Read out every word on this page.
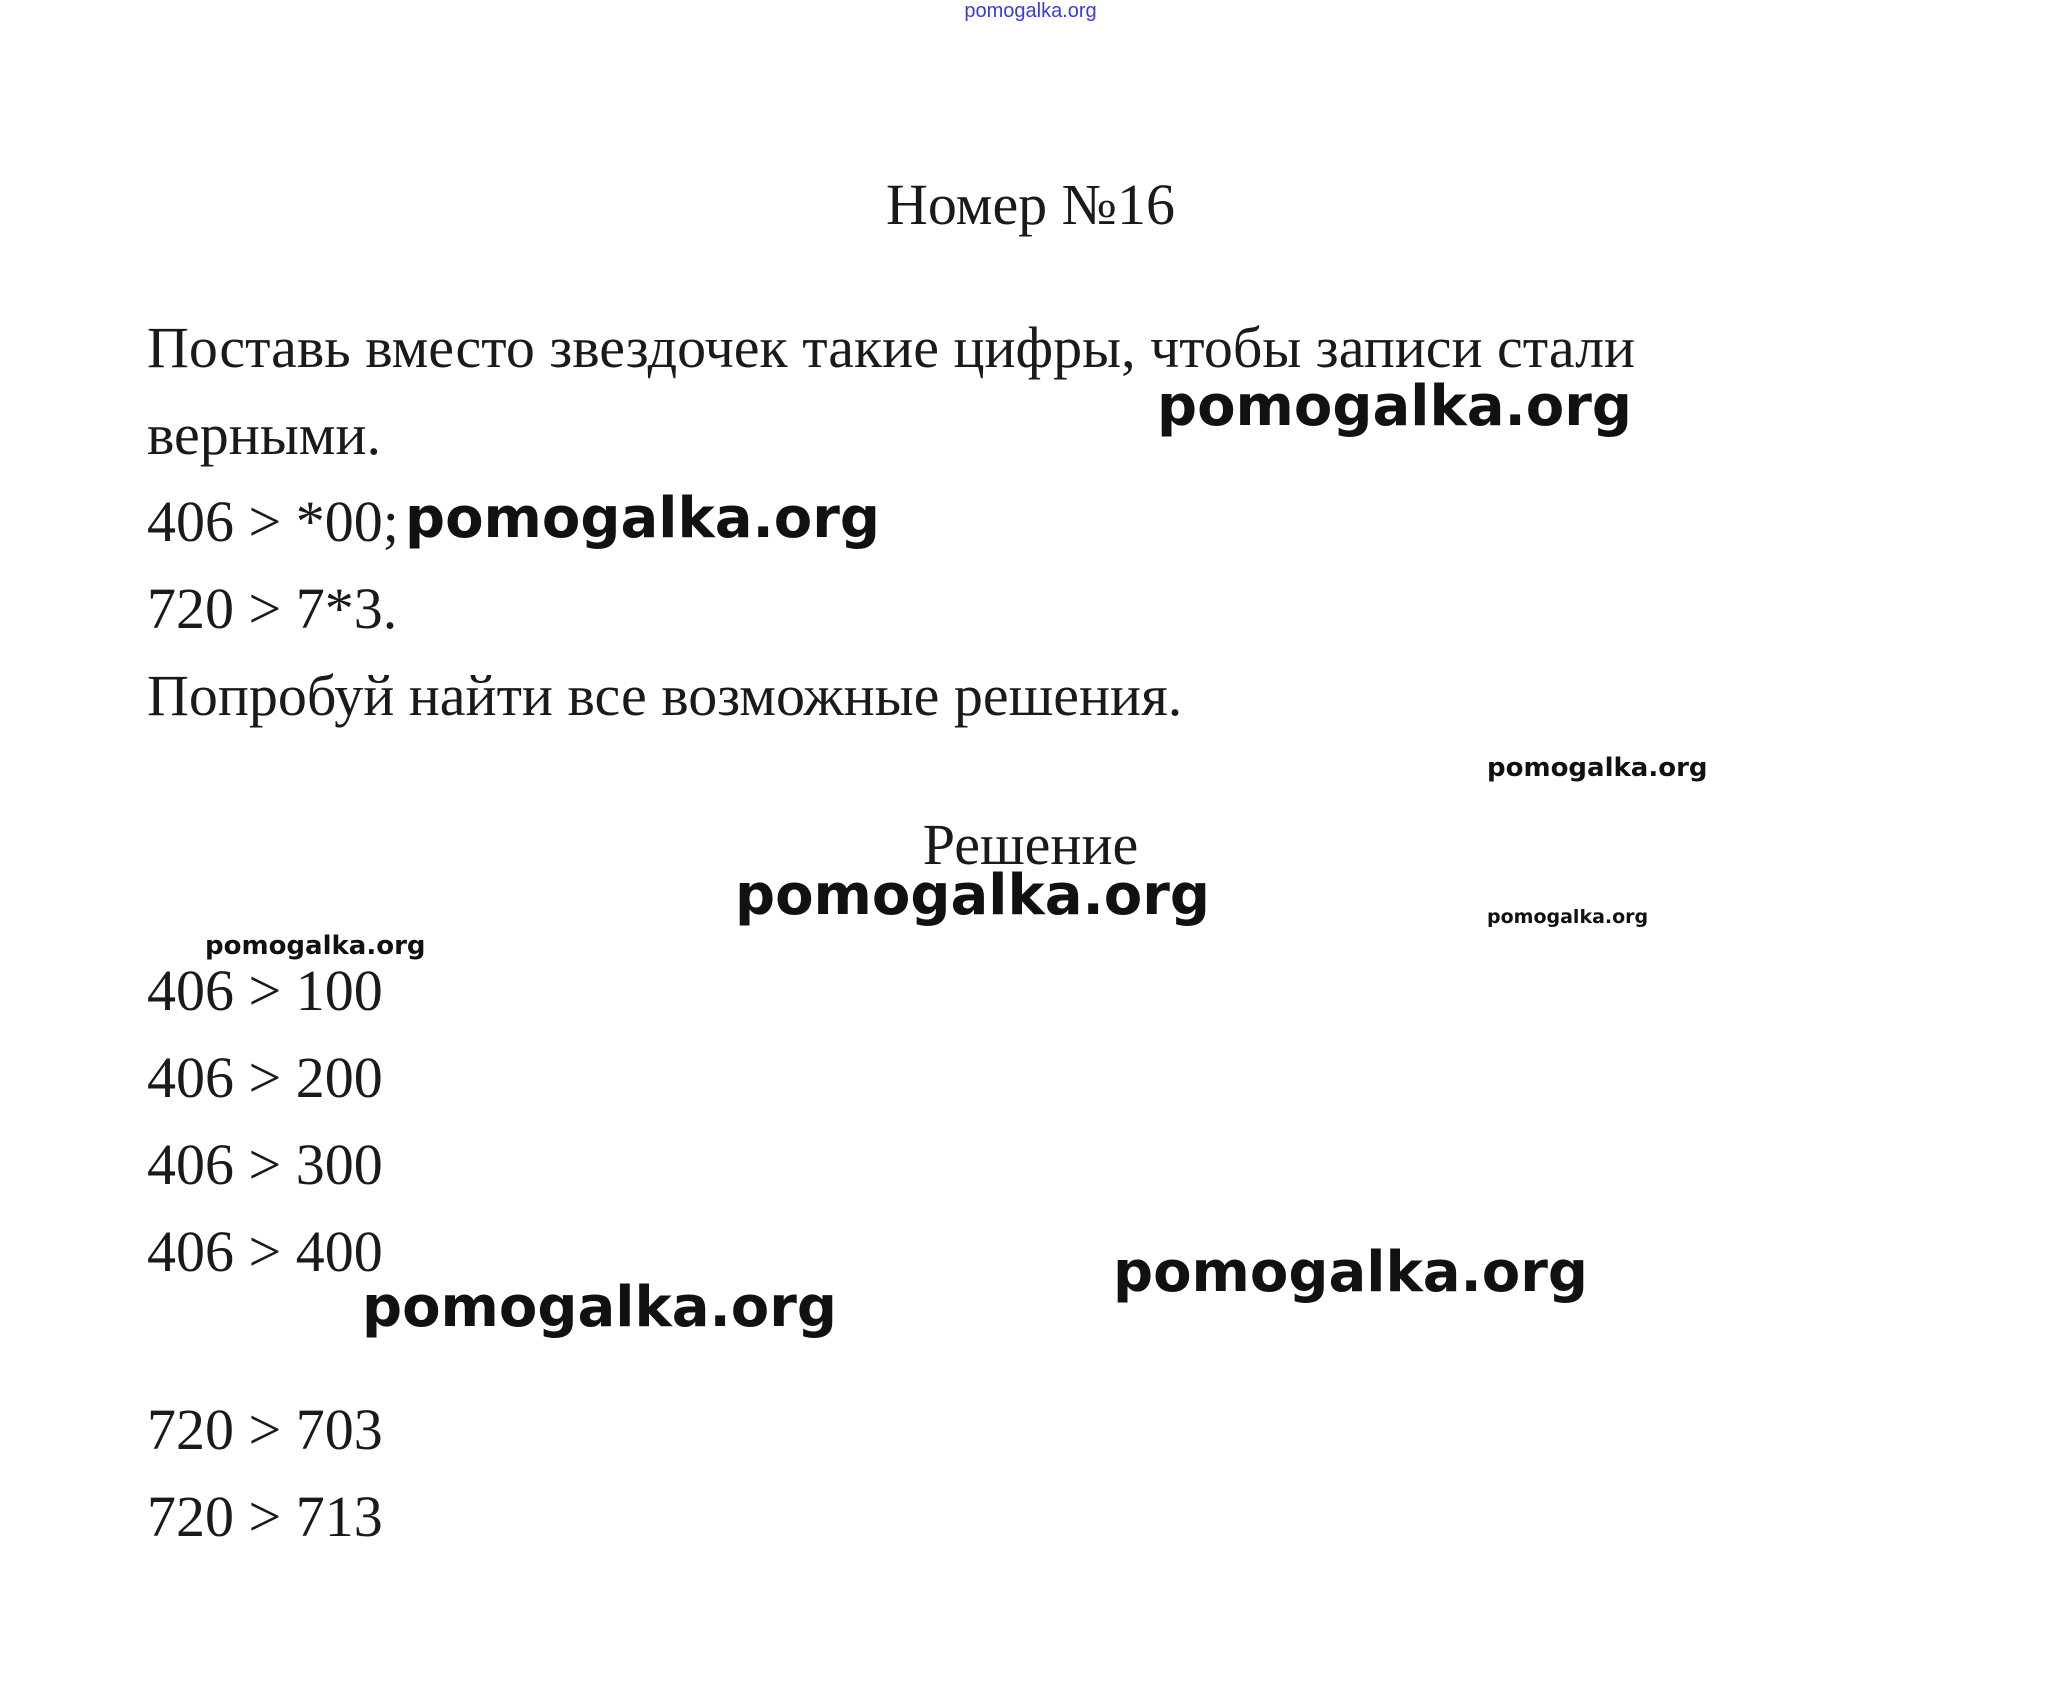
pomogalka.org
Номер №16
Поставь вместо звездочек такие цифры, чтобы записи стали
верными.
406 > *00;
720 > 7*3.
Попробуй найти все возможные решения.
Решение
406 > 100
406 > 200
406 > 300
406 > 400
720 > 703
720 > 713
pomogalka.org
pomogalka.org
pomogalka.org
pomogalka.org	pomogalka.org
pomogalka.org
pomogalka.org
pomogalka.org
